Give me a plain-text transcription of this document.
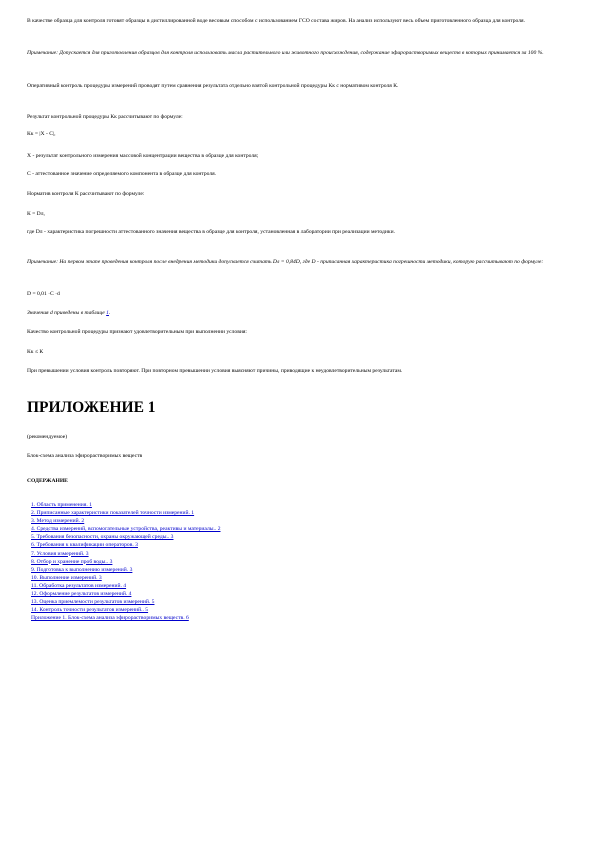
В качестве образца для контроля готовят образцы в дистиллированной воде весовым способом с использованием ГСО состава жиров. На анализ используют весь объем приготовленного образца для контроля.

Примечание: Допускается для приготовления образцов для контроля использовать масла растительного или животного происхождения, содержание эфирорастворимых веществ в которых принимается за 100 %.

Оперативный контроль процедуры измерений проводят путем сравнения результата отдельно взятой контрольной процедуры Кк с нормативом контроля К.

Результат контрольной процедуры Кк рассчитывают по формуле:

Кк = |Х - С|,

Х - результат контрольного измерения массовой концентрации вещества в образце для контроля;

С - аттестованное значение определяемого компонента в образце для контроля.

Норматив контроля К рассчитывают по формуле:

К = Dл,

где Dл - характеристика погрешности аттестованного значения вещества в образце для контроля, установленная в лаборатории при реализации методики.

Примечание: На первом этапе проведения контроля после внедрения методики допускается считать Dл = 0,84D, где D - приписанная характеристика погрешности методики, которую рассчитывают по формуле:

D = 0,01 ·С ·d

Значения d приведены в таблице 1.

Качество контрольной процедуры признают удовлетворительным при выполнении условия:

Кк ≤ К

При превышении условия контроль повторяют. При повторном превышении условия выясняют причины, приводящие к неудовлетворительным результатам.

ПРИЛОЖЕНИЕ 1

(рекомендуемое)

Блок-схема анализа эфирорастворимых веществ

СОДЕРЖАНИЕ

1. Область применения. 1
2. Приписанные характеристики показателей точности измерений. 1
3. Метод измерений. 2
4. Средства измерений, вспомогательные устройства, реактивы и материалы.. 2
5. Требования безопасности, охраны окружающей среды.. 3
6. Требования к квалификации операторов. 3
7. Условия измерений. 3
8. Отбор и хранение проб воды.. 3
9. Подготовка к выполнению измерений. 3
10. Выполнение измерений. 3
11. Обработка результатов измерений. 4
12. Оформление результатов измерений. 4
13. Оценка приемлемости результатов измерений. 5
14. Контроль точности результатов измерений.. 5
Приложение 1. Блок-схема анализа эфирорастворимых веществ. 6
